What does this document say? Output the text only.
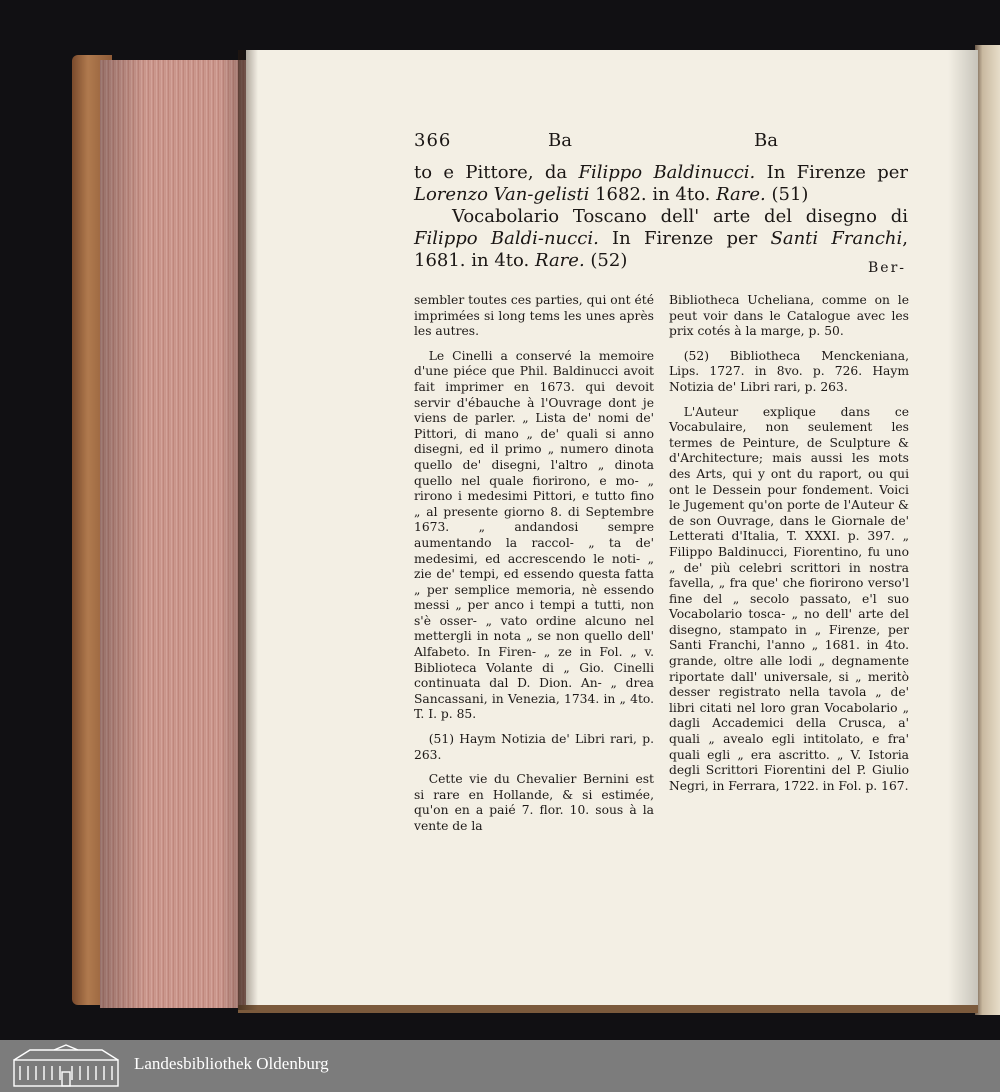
366	Ba	Ba
to e Pittore, da Filippo Baldinucci. In Firenze per Lorenzo Van-gelisti 1682. in 4to. Rare. (51)
Vocabolario Toscano dell' arte del disegno di Filippo Baldi-nucci. In Firenze per Santi Franchi, 1681. in 4to. Rare. (52)	Ber-

sembler toutes ces parties, qui ont été imprimées si long tems les unes après les autres.

Le Cinelli a conservé la memoire d'une piéce que Phil. Baldinucci avoit fait imprimer en 1673. qui devoit servir d'ébauche à l'Ouvrage dont je viens de parler. „ Lista de' nomi de' Pittori, di mano „ de' quali si anno disegni, ed il primo „ numero dinota quello de' disegni, l'altro „ dinota quello nel quale fiorirono, e mo- „ rirono i medesimi Pittori, e tutto fino „ al presente giorno 8. di Septembre 1673. „ andandosi sempre aumentando la raccol- „ ta de' medesimi, ed accrescendo le noti- „ zie de' tempi, ed essendo questa fatta „ per semplice memoria, nè essendo messi „ per anco i tempi a tutti, non s'è osser- „ vato ordine alcuno nel mettergli in nota „ se non quello dell' Alfabeto. In Firen- „ ze in Fol. „ v. Biblioteca Volante di „ Gio. Cinelli continuata dal D. Dion. An- „ drea Sancassani, in Venezia, 1734. in „ 4to. T. I. p. 85.

(51) Haym Notizia de' Libri rari, p. 263.

Cette vie du Chevalier Bernini est si rare en Hollande, & si estimée, qu'on en a paié 7. flor. 10. sous à la vente de la

Bibliotheca Ucheliana, comme on le peut voir dans le Catalogue avec les prix cotés à la marge, p. 50.

(52) Bibliotheca Menckeniana, Lips. 1727. in 8vo. p. 726. Haym Notizia de' Libri rari, p. 263.

L'Auteur explique dans ce Vocabulaire, non seulement les termes de Peinture, de Sculpture & d'Architecture; mais aussi les mots des Arts, qui y ont du raport, ou qui ont le Dessein pour fondement. Voici le Jugement qu'on porte de l'Auteur & de son Ouvrage, dans le Giornale de' Letterati d'Italia, T. XXXI. p. 397. „ Filippo Baldinucci, Fiorentino, fu uno „ de' più celebri scrittori in nostra favella, „ fra que' che fiorirono verso'l fine del „ secolo passato, e'l suo Vocabolario tosca- „ no dell' arte del disegno, stampato in „ Firenze, per Santi Franchi, l'anno „ 1681. in 4to. grande, oltre alle lodi „ degnamente riportate dall' universale, si „ meritò desser registrato nella tavola „ de' libri citati nel loro gran Vocabolario „ dagli Accademici della Crusca, a' quali „ avealo egli intitolato, e fra' quali egli „ era ascritto. „ V. Istoria degli Scrittori Fiorentini del P. Giulio Negri, in Ferrara, 1722. in Fol. p. 167.

Landesbibliothek Oldenburg
